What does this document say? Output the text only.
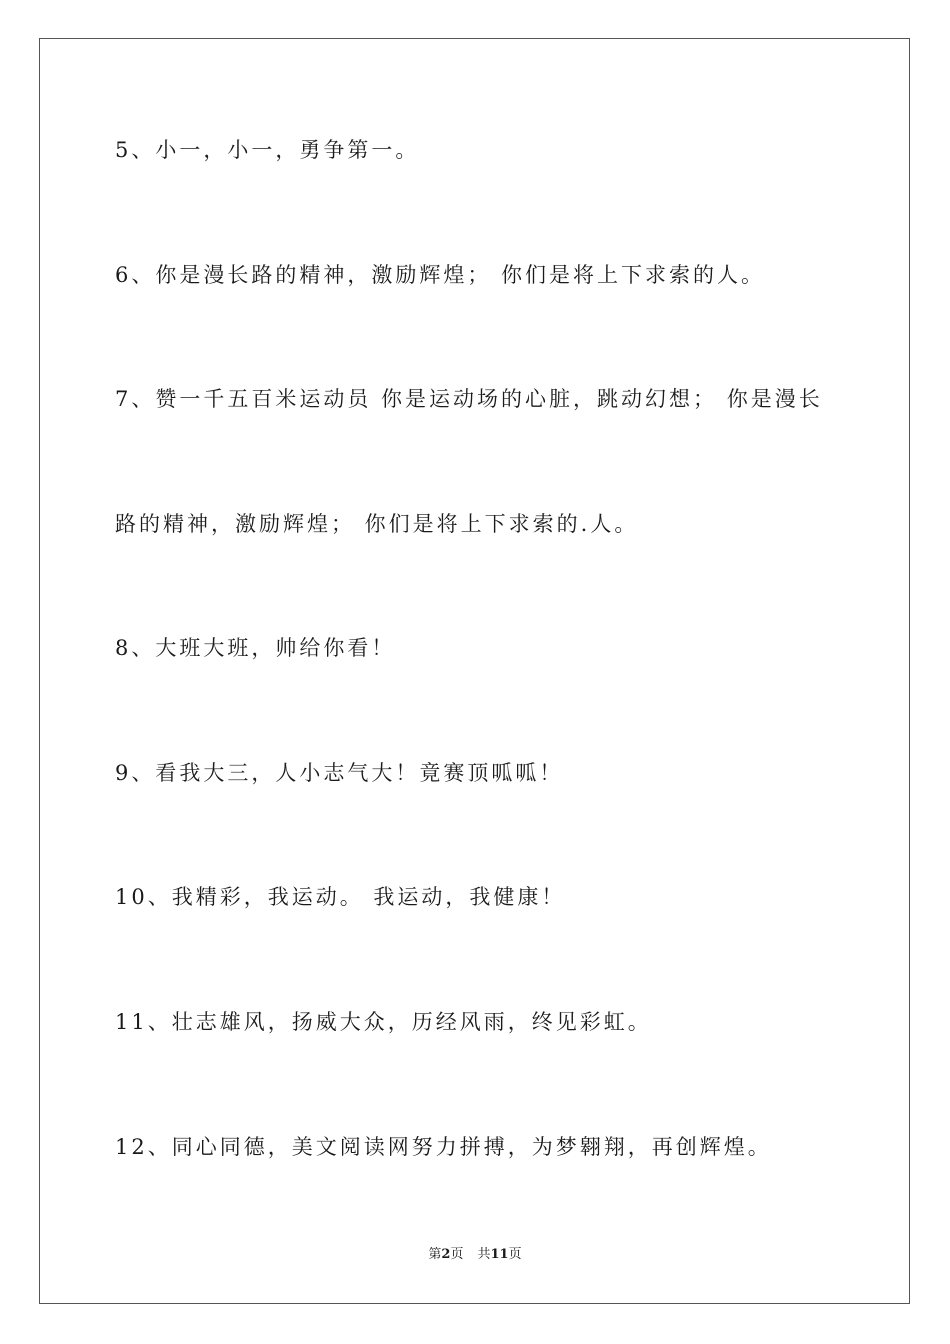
5、小一，小一，勇争第一。
6、你是漫长路的精神，激励辉煌； 你们是将上下求索的人。
7、赞一千五百米运动员 你是运动场的心脏，跳动幻想； 你是漫长
路的精神，激励辉煌； 你们是将上下求索的.人。
8、大班大班，帅给你看！
9、看我大三，人小志气大！竟赛顶呱呱！
10、我精彩，我运动。 我运动，我健康！
11、壮志雄风，扬威大众，历经风雨，终见彩虹。
12、同心同德，美文阅读网努力拼搏，为梦翱翔，再创辉煌。
第2页 共11页
